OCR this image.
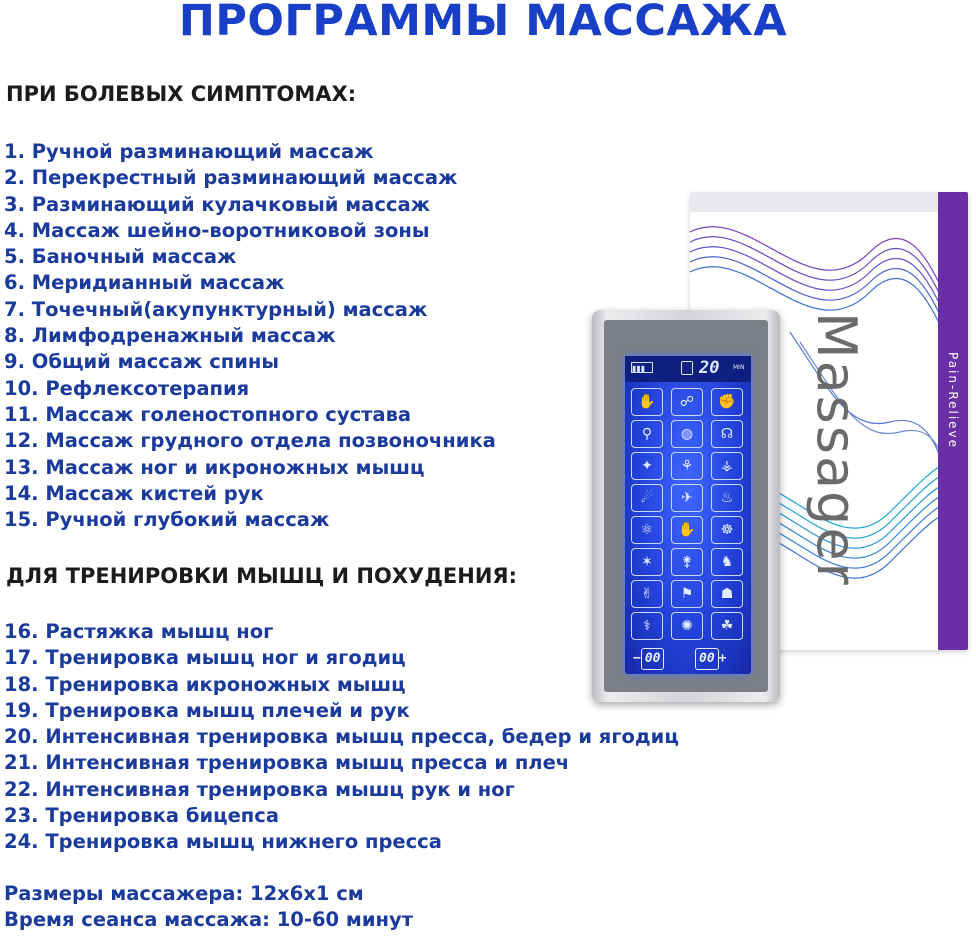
ПРОГРАММЫ МАССАЖА
ПРИ БОЛЕВЫХ СИМПТОМАХ:
1. Ручной разминающий массаж
2. Перекрестный разминающий массаж
3. Разминающий кулачковый массаж
4. Массаж шейно-воротниковой зоны
5. Баночный массаж
6. Меридианный массаж
7. Точечный(акупунктурный) массаж
8. Лимфодренажный массаж
9. Общий массаж спины
10. Рефлексотерапия
11. Массаж голеностопного сустава
12. Массаж грудного отдела позвоночника
13. Массаж ног и икроножных мышц
14. Массаж кистей рук
15. Ручной глубокий массаж
ДЛЯ ТРЕНИРОВКИ МЫШЦ И ПОХУДЕНИЯ:
16. Растяжка мышц ног
17. Тренировка мышц ног и ягодиц
18. Тренировка икроножных мышц
19. Тренировка мышц плечей и рук
20. Интенсивная тренировка мышц пресса, бедер и ягодиц
21. Интенсивная тренировка мышц пресса и плеч
22. Интенсивная тренировка мышц рук и ног
23. Тренировка бицепса
24. Тренировка мышц нижнего пресса
Размеры массажера: 12x6x1 см
Время сеанса массажа: 10-60 минут
Massager	Pain-Relieve
▮▮▮	20 MIN
✋	☍	✊
⚲	◍	☊
✦	⚘	⚶
☄	✈	♨
⚛	✋	☸
✶	⚵	♞
✌	⚑	☗
⚕	✺	☘
− 00	00 +
